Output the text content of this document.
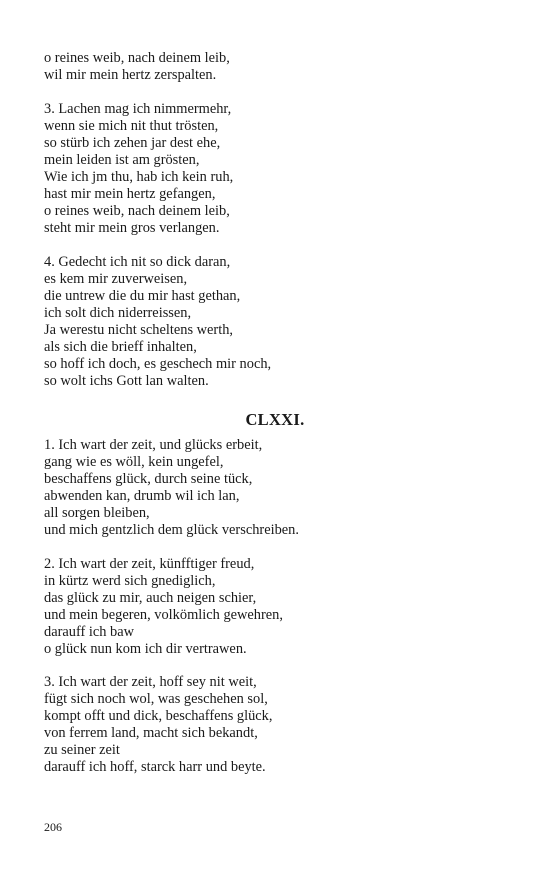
o reines weib, nach deinem leib,
wil mir mein hertz zerspalten.
3. Lachen mag ich nimmermehr,
wenn sie mich nit thut trösten,
so stürb ich zehen jar dest ehe,
mein leiden ist am grösten,
Wie ich jm thu, hab ich kein ruh,
hast mir mein hertz gefangen,
o reines weib, nach deinem leib,
steht mir mein gros verlangen.
4. Gedecht ich nit so dick daran,
es kem mir zuverweisen,
die untrew die du mir hast gethan,
ich solt dich niderreissen,
Ja werestu nicht scheltens werth,
als sich die brieff inhalten,
so hoff ich doch, es geschech mir noch,
so wolt ichs Gott lan walten.
CLXXI.
1. Ich wart der zeit, und glücks erbeit,
gang wie es wöll, kein ungefel,
beschaffens glück, durch seine tück,
abwenden kan, drumb wil ich lan,
all sorgen bleiben,
und mich gentzlich dem glück verschreiben.
2. Ich wart der zeit, künfftiger freud,
in kürtz werd sich gnediglich,
das glück zu mir, auch neigen schier,
und mein begeren, volkömlich gewehren,
darauff ich baw
o glück nun kom ich dir vertrawen.
3. Ich wart der zeit, hoff sey nit weit,
fügt sich noch wol, was geschehen sol,
kompt offt und dick, beschaffens glück,
von ferrem land, macht sich bekandt,
zu seiner zeit
darauff ich hoff, starck harr und beyte.
206
